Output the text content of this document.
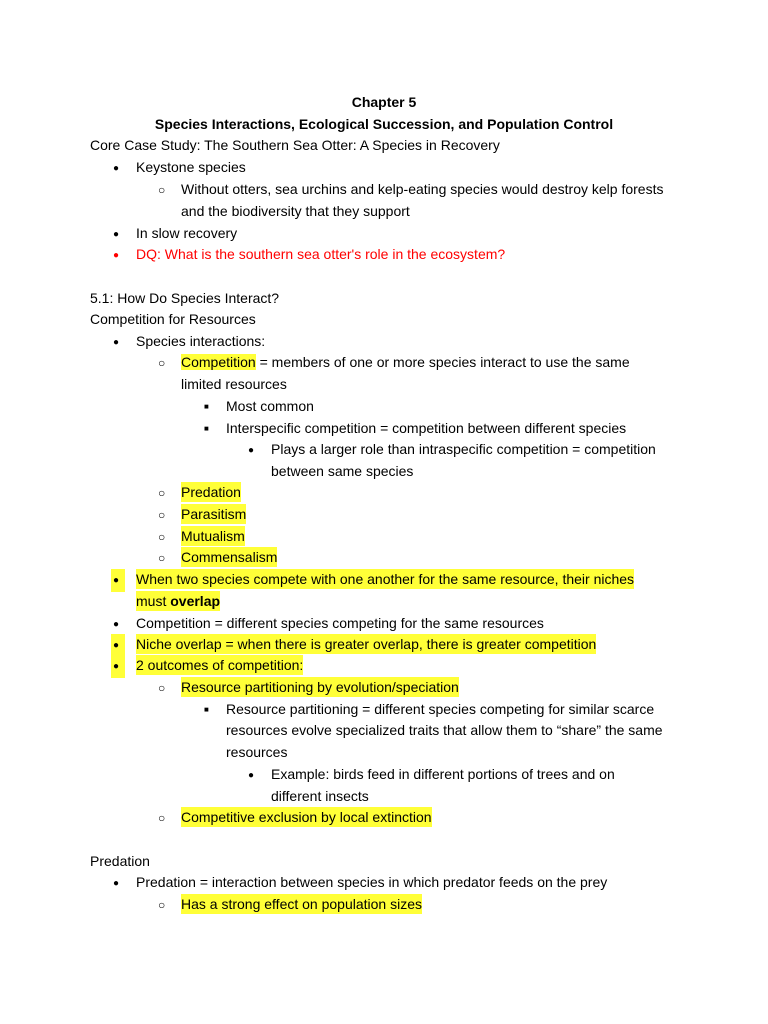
Chapter 5
Species Interactions, Ecological Succession, and Population Control
Core Case Study: The Southern Sea Otter: A Species in Recovery
●
Keystone species
○
Without otters, sea urchins and kelp-eating species would destroy kelp forests
and the biodiversity that they support
●
In slow recovery
●
DQ: What is the southern sea otter's role in the ecosystem?
5.1: How Do Species Interact?
Competition for Resources
●
Species interactions:
○
Competition = members of one or more species interact to use the same
limited resources
■
Most common
■
Interspecific competition = competition between different species
●
Plays a larger role than intraspecific competition = competition
between same species
○
Predation
○
Parasitism
○
Mutualism
○
Commensalism
●
When two species compete with one another for the same resource, their niches
must overlap
●
Competition = different species competing for the same resources
●
Niche overlap = when there is greater overlap, there is greater competition
●
2 outcomes of competition:
○
Resource partitioning by evolution/speciation
■
Resource partitioning = different species competing for similar scarce
resources evolve specialized traits that allow them to “share” the same
resources
●
Example: birds feed in different portions of trees and on
different insects
○
Competitive exclusion by local extinction
Predation
●
Predation = interaction between species in which predator feeds on the prey
○
Has a strong effect on population sizes
